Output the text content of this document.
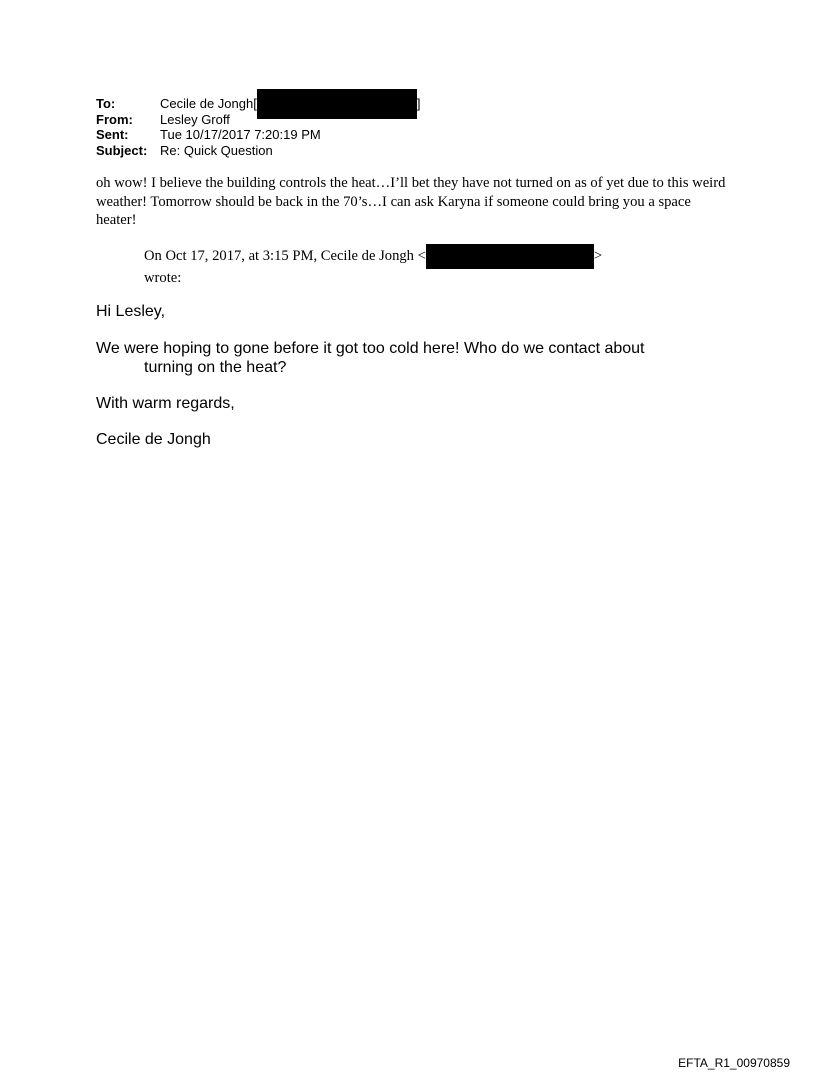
To:	Cecile de Jongh[	]
From:	Lesley Groff
Sent:	Tue 10/17/2017 7:20:19 PM
Subject: Re: Quick Question
oh wow! I believe the building controls the heat…I’ll bet they have not turned on as of yet due to this weird weather! Tomorrow should be back in the 70’s…I can ask Karyna if someone could bring you a space heater!
On Oct 17, 2017, at 3:15 PM, Cecile de Jongh <	>
wrote:
Hi Lesley,
We were hoping to gone before it got too cold here! Who do we contact about
turning on the heat?
With warm regards,
Cecile de Jongh
EFTA_R1_00970859
